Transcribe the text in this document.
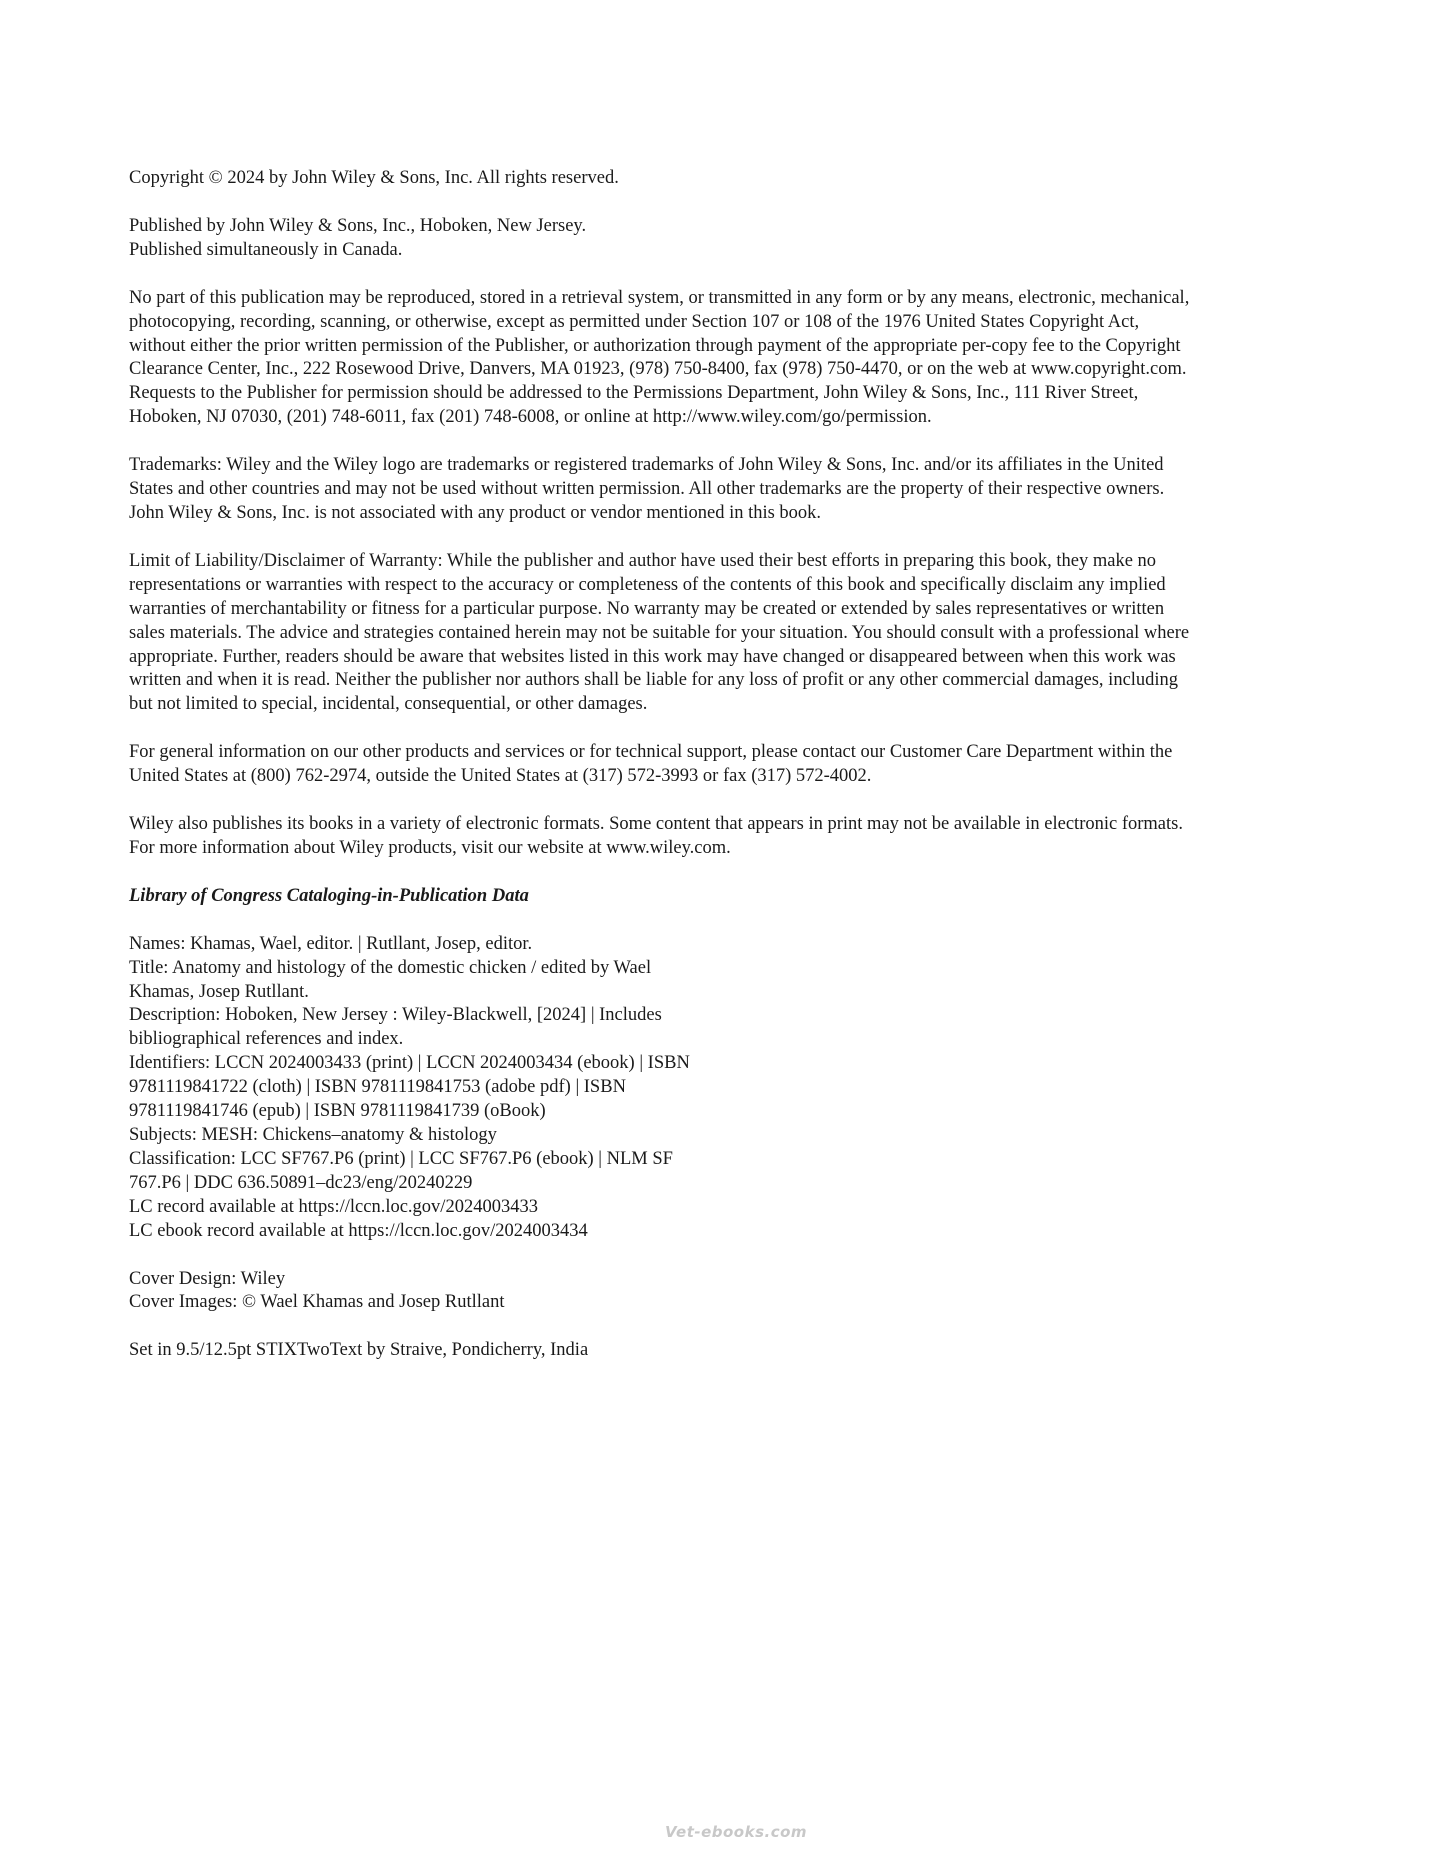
Copyright © 2024 by John Wiley & Sons, Inc. All rights reserved.
Published by John Wiley & Sons, Inc., Hoboken, New Jersey.
Published simultaneously in Canada.
No part of this publication may be reproduced, stored in a retrieval system, or transmitted in any form or by any means, electronic, mechanical,
photocopying, recording, scanning, or otherwise, except as permitted under Section 107 or 108 of the 1976 United States Copyright Act,
without either the prior written permission of the Publisher, or authorization through payment of the appropriate per-copy fee to the Copyright
Clearance Center, Inc., 222 Rosewood Drive, Danvers, MA 01923, (978) 750-8400, fax (978) 750-4470, or on the web at www.copyright.com.
Requests to the Publisher for permission should be addressed to the Permissions Department, John Wiley & Sons, Inc., 111 River Street,
Hoboken, NJ 07030, (201) 748-6011, fax (201) 748-6008, or online at http://www.wiley.com/go/permission.
Trademarks: Wiley and the Wiley logo are trademarks or registered trademarks of John Wiley & Sons, Inc. and/or its affiliates in the United
States and other countries and may not be used without written permission. All other trademarks are the property of their respective owners.
John Wiley & Sons, Inc. is not associated with any product or vendor mentioned in this book.
Limit of Liability/Disclaimer of Warranty: While the publisher and author have used their best efforts in preparing this book, they make no
representations or warranties with respect to the accuracy or completeness of the contents of this book and specifically disclaim any implied
warranties of merchantability or fitness for a particular purpose. No warranty may be created or extended by sales representatives or written
sales materials. The advice and strategies contained herein may not be suitable for your situation. You should consult with a professional where
appropriate. Further, readers should be aware that websites listed in this work may have changed or disappeared between when this work was
written and when it is read. Neither the publisher nor authors shall be liable for any loss of profit or any other commercial damages, including
but not limited to special, incidental, consequential, or other damages.
For general information on our other products and services or for technical support, please contact our Customer Care Department within the
United States at (800) 762-2974, outside the United States at (317) 572-3993 or fax (317) 572-4002.
Wiley also publishes its books in a variety of electronic formats. Some content that appears in print may not be available in electronic formats.
For more information about Wiley products, visit our website at www.wiley.com.
Library of Congress Cataloging-in-Publication Data
Names: Khamas, Wael, editor. | Rutllant, Josep, editor.
Title: Anatomy and histology of the domestic chicken / edited by Wael
Khamas, Josep Rutllant.
Description: Hoboken, New Jersey : Wiley-Blackwell, [2024] | Includes
bibliographical references and index.
Identifiers: LCCN 2024003433 (print) | LCCN 2024003434 (ebook) | ISBN
9781119841722 (cloth) | ISBN 9781119841753 (adobe pdf) | ISBN
9781119841746 (epub) | ISBN 9781119841739 (oBook)
Subjects: MESH: Chickens–anatomy & histology
Classification: LCC SF767.P6 (print) | LCC SF767.P6 (ebook) | NLM SF
767.P6 | DDC 636.50891–dc23/eng/20240229
LC record available at https://lccn.loc.gov/2024003433
LC ebook record available at https://lccn.loc.gov/2024003434
Cover Design: Wiley
Cover Images: © Wael Khamas and Josep Rutllant
Set in 9.5/12.5pt STIXTwoText by Straive, Pondicherry, India
Vet-ebooks.com
